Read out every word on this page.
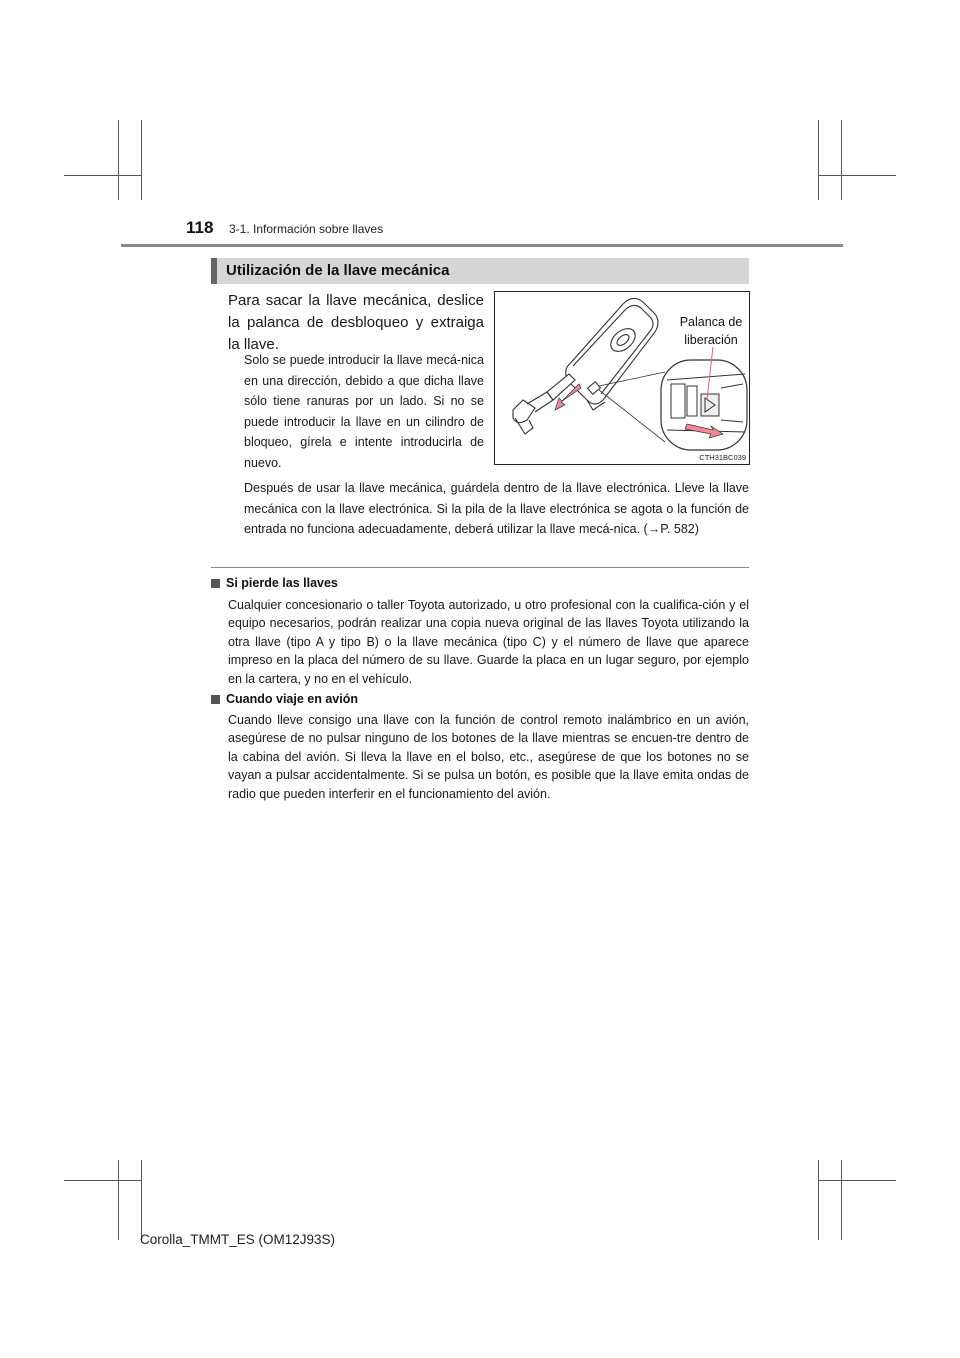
118 3-1. Información sobre llaves
Utilización de la llave mecánica
Para sacar la llave mecánica, deslice la palanca de desbloqueo y extraiga la llave.
Solo se puede introducir la llave mecá-nica en una dirección, debido a que dicha llave sólo tiene ranuras por un lado. Si no se puede introducir la llave en un cilindro de bloqueo, gírela e intente introducirla de nuevo.
Palanca de liberación
CTH31BC039
Después de usar la llave mecánica, guárdela dentro de la llave electrónica. Lleve la llave mecánica con la llave electrónica. Si la pila de la llave electrónica se agota o la función de entrada no funciona adecuadamente, deberá utilizar la llave mecá-nica. (→P. 582)
Si pierde las llaves
Cualquier concesionario o taller Toyota autorizado, u otro profesional con la cualifica-ción y el equipo necesarios, podrán realizar una copia nueva original de las llaves Toyota utilizando la otra llave (tipo A y tipo B) o la llave mecánica (tipo C) y el número de llave que aparece impreso en la placa del número de su llave. Guarde la placa en un lugar seguro, por ejemplo en la cartera, y no en el vehículo.
Cuando viaje en avión
Cuando lleve consigo una llave con la función de control remoto inalámbrico en un avión, asegúrese de no pulsar ninguno de los botones de la llave mientras se encuen-tre dentro de la cabina del avión. Si lleva la llave en el bolso, etc., asegúrese de que los botones no se vayan a pulsar accidentalmente. Si se pulsa un botón, es posible que la llave emita ondas de radio que pueden interferir en el funcionamiento del avión.
Corolla_TMMT_ES (OM12J93S)
